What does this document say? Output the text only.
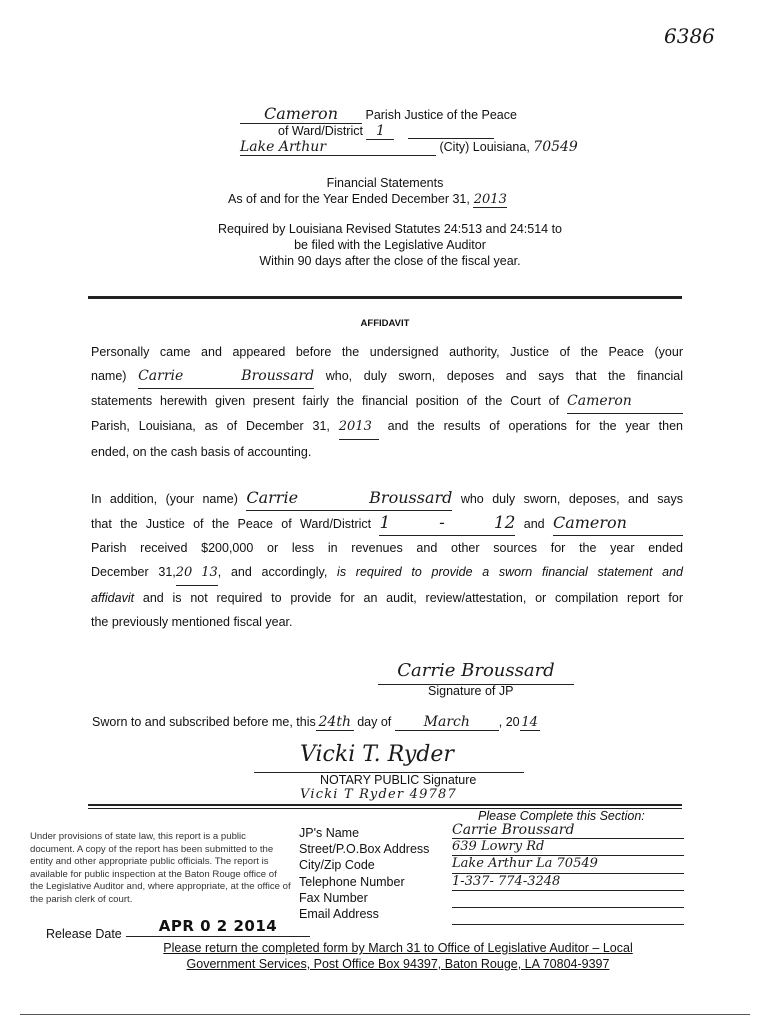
6386
Cameron Parish Justice of the Peace
of Ward/District 1
Lake Arthur	(City) Louisiana, 70549
Financial Statements
As of and for the Year Ended December 31, 2013
Required by Louisiana Revised Statutes 24:513 and 24:514 to
be filed with the Legislative Auditor
Within 90 days after the close of the fiscal year.
AFFIDAVIT
Personally came and appeared before the undersigned authority, Justice of the Peace (your
name) Carrie Broussard who, duly sworn, deposes and says that the financial
statements herewith given present fairly the financial position of the Court of Cameron
Parish, Louisiana, as of December 31, 2013 and the results of operations for the year then
ended, on the cash basis of accounting.
In addition, (your name) Carrie Broussard who duly sworn, deposes, and says
that the Justice of the Peace of Ward/District 1 - 12 and Cameron
Parish received $200,000 or less in revenues and other sources for the year ended
December 31,20 13, and accordingly, is required to provide a sworn financial statement and
affidavit and is not required to provide for an audit, review/attestation, or compilation report for
the previously mentioned fiscal year.
Carrie Broussard
Signature of JP
Sworn to and subscribed before me, this 24th day of March , 20 14
Vicki T. Ryder
NOTARY PUBLIC Signature
Vicki T Ryder 49787
Please Complete this Section:
Under provisions of state law, this report is a public document. A copy of the report has been submitted to the entity and other appropriate public officials. The report is available for public inspection at the Baton Rouge office of the Legislative Auditor and, where appropriate, at the office of the parish clerk of court.
JP's Name
Street/P.O.Box Address
City/Zip Code
Telephone Number
Fax Number
Email Address
Carrie Broussard
639 Lowry Rd
Lake Arthur La 70549
1-337- 774-3248
Release Date	APR 0 2 2014
Please return the completed form by March 31 to Office of Legislative Auditor – Local
Government Services, Post Office Box 94397, Baton Rouge, LA 70804-9397
